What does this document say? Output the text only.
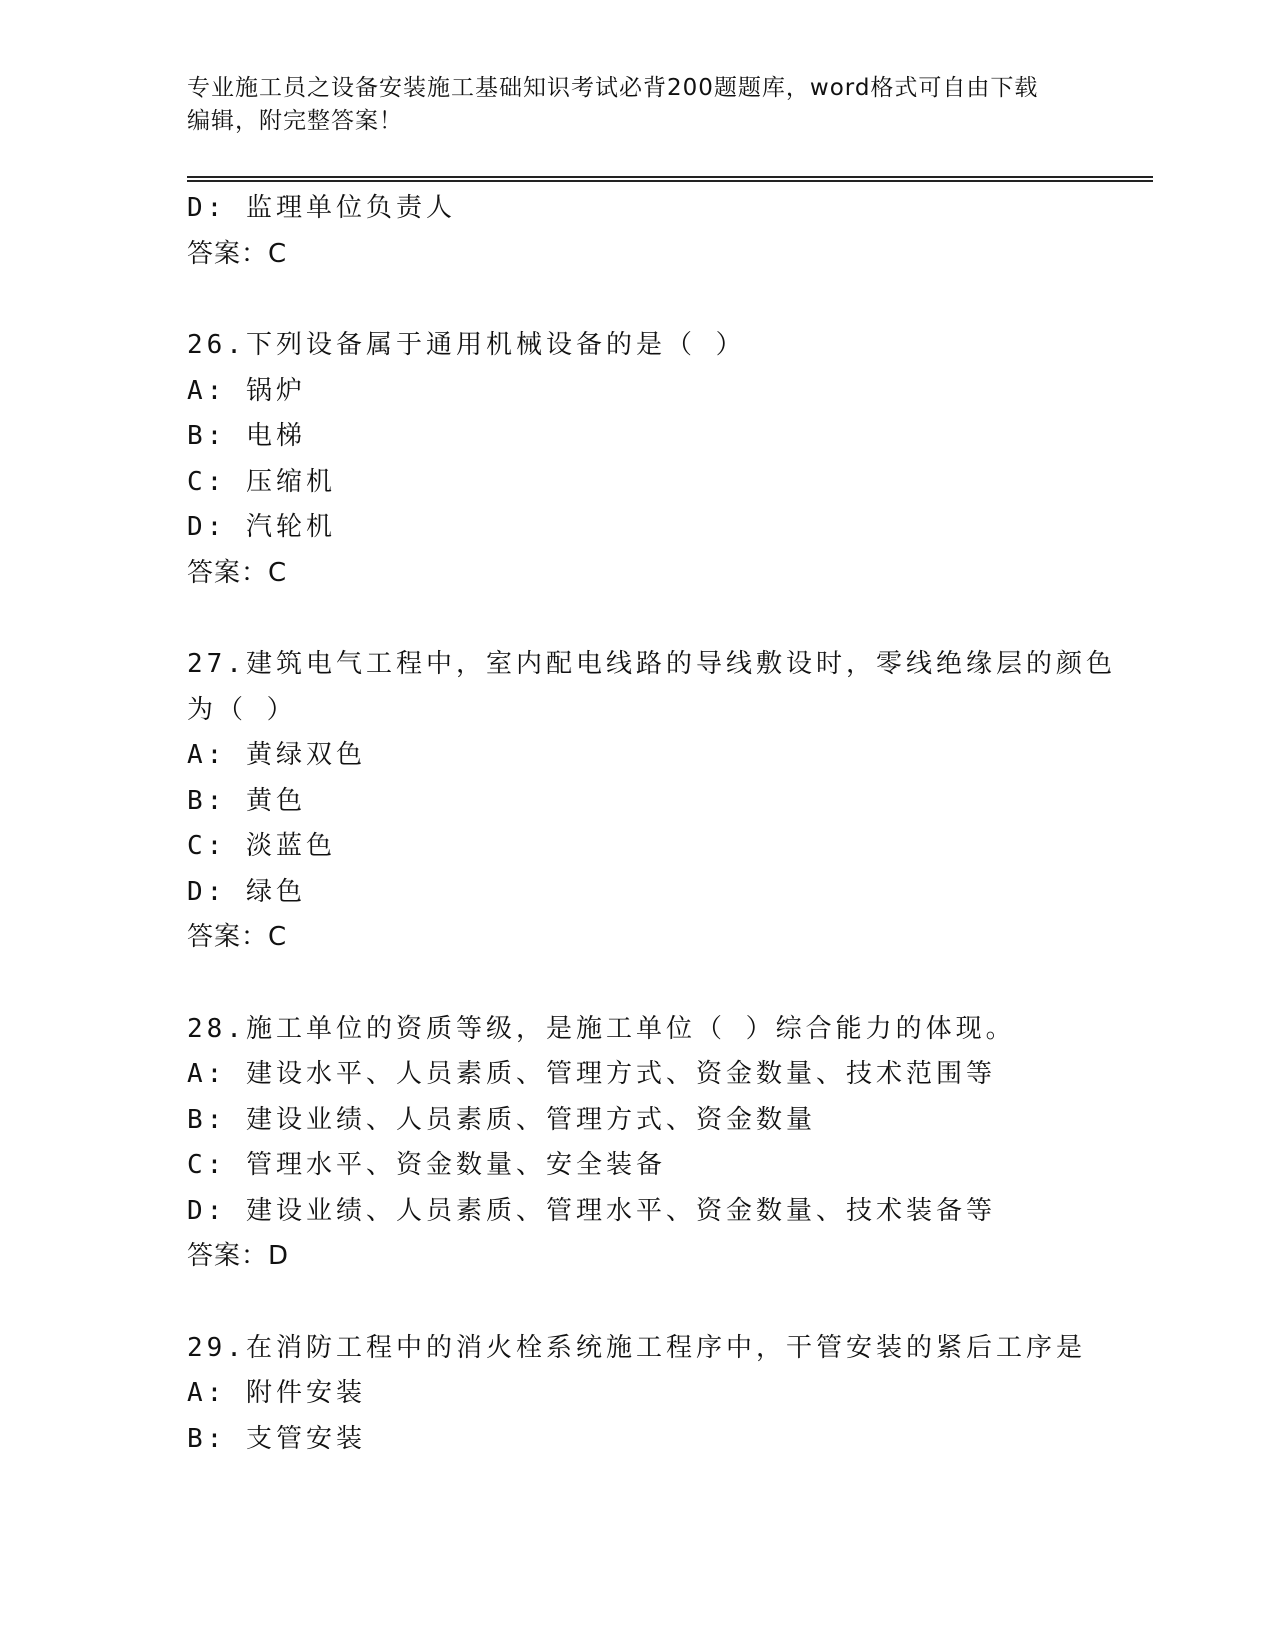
专业施工员之设备安装施工基础知识考试必背200题题库，word格式可自由下载
编辑，附完整答案！
D: 监理单位负责人
答案：C
26.下列设备属于通用机械设备的是（ ）
A: 锅炉
B: 电梯
C: 压缩机
D: 汽轮机
答案：C
27.建筑电气工程中，室内配电线路的导线敷设时，零线绝缘层的颜色
为（ ）
A: 黄绿双色
B: 黄色
C: 淡蓝色
D: 绿色
答案：C
28.施工单位的资质等级，是施工单位（ ）综合能力的体现。
A: 建设水平、人员素质、管理方式、资金数量、技术范围等
B: 建设业绩、人员素质、管理方式、资金数量
C: 管理水平、资金数量、安全装备
D: 建设业绩、人员素质、管理水平、资金数量、技术装备等
答案：D
29.在消防工程中的消火栓系统施工程序中，干管安装的紧后工序是
A: 附件安装
B: 支管安装
